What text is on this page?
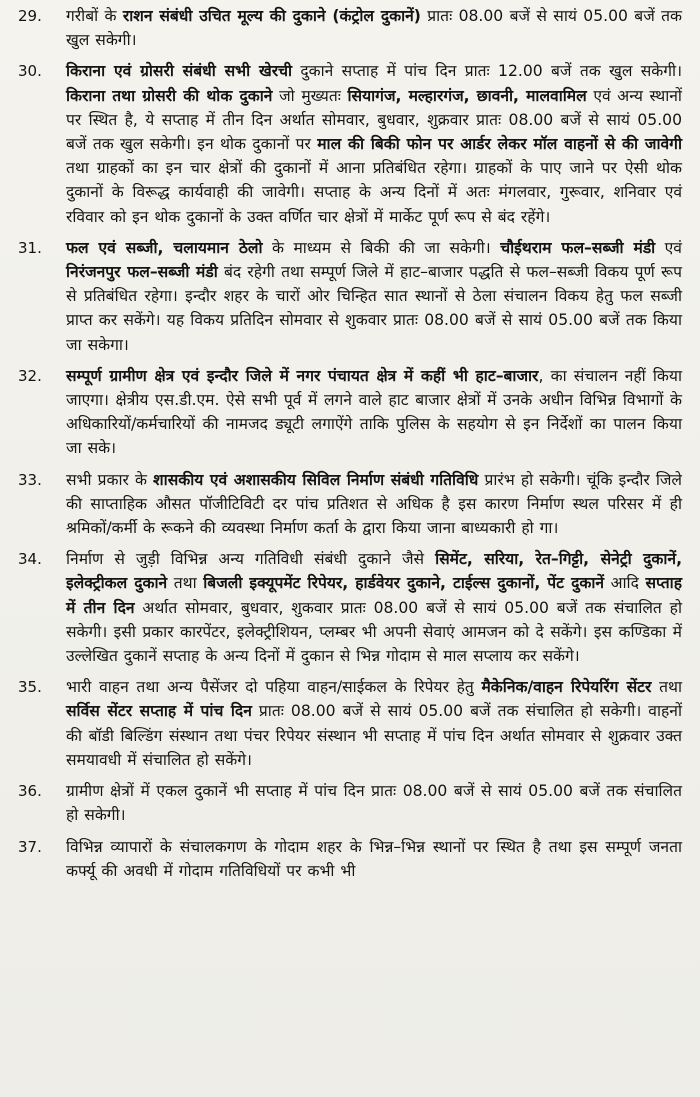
29.	गरीबों के राशन संबंधी उचित मूल्य की दुकाने (कंट्रोल दुकानें) प्रातः 08.00 बजें से सायं 05.00 बजें तक खुल सकेगी।

30.	किराना एवं ग्रोसरी संबंधी सभी खेरची दुकाने सप्ताह में पांच दिन प्रातः 12.00 बजें तक खुल सकेगी। किराना तथा ग्रोसरी की थोक दुकाने जो मुख्यतः सियागंज, मल्हारगंज, छावनी, मालवामिल एवं अन्य स्थानों पर स्थित है, ये सप्ताह में तीन दिन अर्थात सोमवार, बुधवार, शुक्रवार प्रातः 08.00 बजें से सायं 05.00 बजें तक खुल सकेगी। इन थोक दुकानों पर माल की बिकी फोन पर आर्डर लेकर मॉल वाहनों से की जावेगी तथा ग्राहकों का इन चार क्षेत्रों की दुकानों में आना प्रतिबंधित रहेगा। ग्राहकों के पाए जाने पर ऐसी थोक दुकानों के विरूद्ध कार्यवाही की जावेगी। सप्ताह के अन्य दिनों में अतः मंगलवार, गुरूवार, शनिवार एवं रविवार को इन थोक दुकानों के उक्त वर्णित चार क्षेत्रों में मार्केट पूर्ण रूप से बंद रहेंगे।

31.	फल एवं सब्जी, चलायमान ठेलो के माध्यम से बिकी की जा सकेगी। चौईथराम फल–सब्जी मंडी एवं निरंजनपुर फल–सब्जी मंडी बंद रहेगी तथा सम्पूर्ण जिले में हाट–बाजार पद्धति से फल–सब्जी विकय पूर्ण रूप से प्रतिबंधित रहेगा। इन्दौर शहर के चारों ओर चिन्हित सात स्थानों से ठेला संचालन विकय हेतु फल सब्जी प्राप्त कर सकेंगे। यह विकय प्रतिदिन सोमवार से शुकवार प्रातः 08.00 बजें से सायं 05.00 बजें तक किया जा सकेगा।

32.	सम्पूर्ण ग्रामीण क्षेत्र एवं इन्दौर जिले में नगर पंचायत क्षेत्र में कहीं भी हाट–बाजार, का संचालन नहीं किया जाएगा। क्षेत्रीय एस.डी.एम. ऐसे सभी पूर्व में लगने वाले हाट बाजार क्षेत्रों में उनके अधीन विभिन्न विभागों के अधिकारियों/कर्मचारियों की नामजद ड्यूटी लगाऐंगे ताकि पुलिस के सहयोग से इन निर्देशों का पालन किया जा सके।

33.	सभी प्रकार के शासकीय एवं अशासकीय सिविल निर्माण संबंधी गतिविधि प्रारंभ हो सकेगी। चूंकि इन्दौर जिले की साप्ताहिक औसत पॉजीटिविटी दर पांच प्रतिशत से अधिक है इस कारण निर्माण स्थल परिसर में ही श्रमिकों/कर्मी के रूकने की व्यवस्था निर्माण कर्ता के द्वारा किया जाना बाध्यकारी हो गा।

34.	निर्माण से जुड़ी विभिन्न अन्य गतिविधी संबंधी दुकाने जैसे सिमेंट, सरिया, रेत–गिट्टी, सेनेट्री दुकानें, इलेक्ट्रीकल दुकाने तथा बिजली इक्यूपमेंट रिपेयर, हार्डवेयर दुकाने, टाईल्स दुकानों, पेंट दुकानें आदि सप्ताह में तीन दिन अर्थात सोमवार, बुधवार, शुकवार प्रातः 08.00 बजें से सायं 05.00 बजें तक संचालित हो सकेगी। इसी प्रकार कारपेंटर, इलेक्ट्रीशियन, प्लम्बर भी अपनी सेवाएं आमजन को दे सकेंगे। इस कण्डिका में उल्लेखित दुकानें सप्ताह के अन्य दिनों में दुकान से भिन्न गोदाम से माल सप्लाय कर सकेंगे।

35.	भारी वाहन तथा अन्य पैसेंजर दो पहिया वाहन/साईकल के रिपेयर हेतु मैकेनिक/वाहन रिपेयरिंग सेंटर तथा सर्विस सेंटर सप्ताह में पांच दिन प्रातः 08.00 बजें से सायं 05.00 बजें तक संचालित हो सकेगी। वाहनों की बॉडी बिल्डिंग संस्थान तथा पंचर रिपेयर संस्थान भी सप्ताह में पांच दिन अर्थात सोमवार से शुक्रवार उक्त समयावधी में संचालित हो सकेंगे।

36.	ग्रामीण क्षेत्रों में एकल दुकानें भी सप्ताह में पांच दिन प्रातः 08.00 बजें से सायं 05.00 बजें तक संचालित हो सकेगी।

37.	विभिन्न व्यापारों के संचालकगण के गोदाम शहर के भिन्न–भिन्न स्थानों पर स्थित है तथा इस सम्पूर्ण जनता कर्फ्यू की अवधी में गोदाम गतिविधियों पर कभी भी
